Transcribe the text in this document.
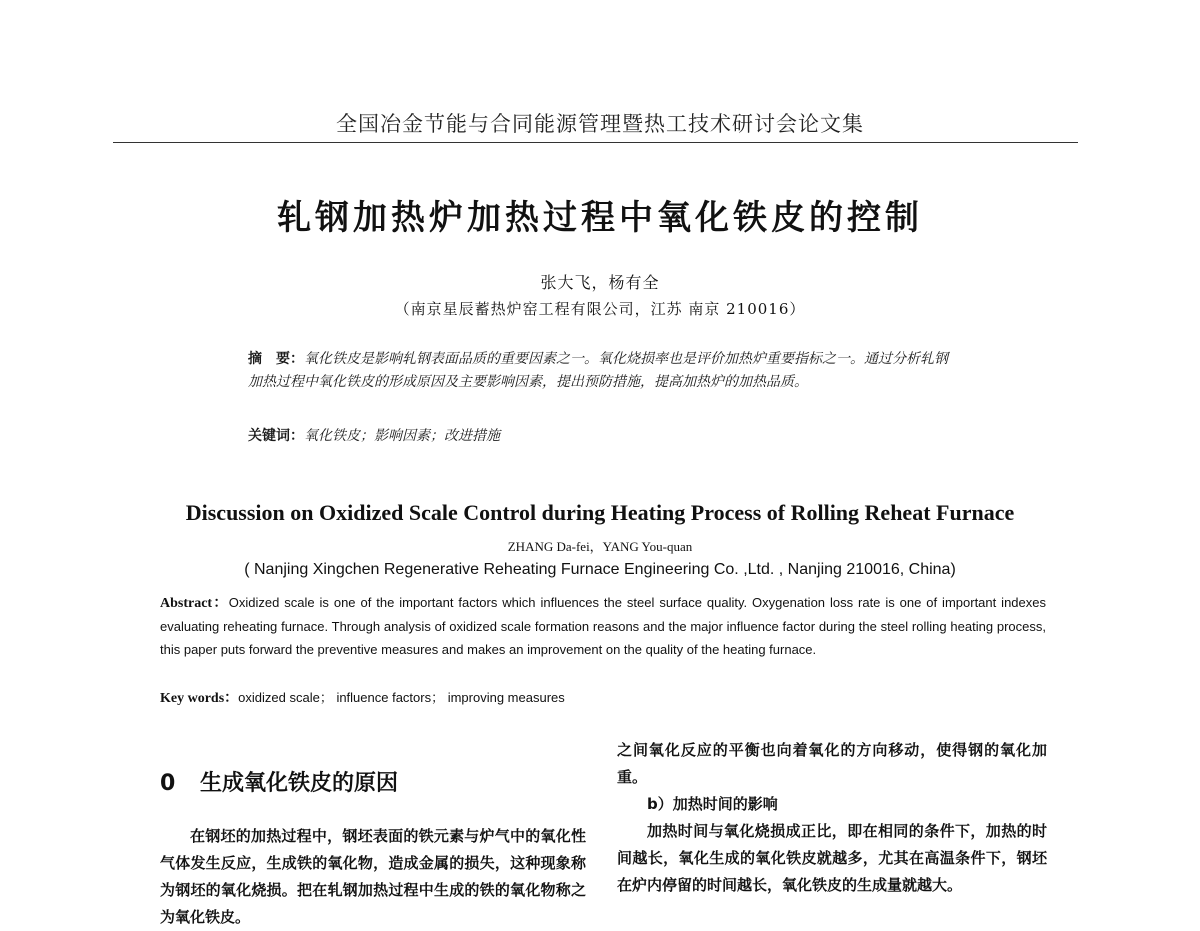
全国冶金节能与合同能源管理暨热工技术研讨会论文集
轧钢加热炉加热过程中氧化铁皮的控制
张大飞，杨有全
（南京星辰蓄热炉窑工程有限公司，江苏 南京 210016）
摘　要：氧化铁皮是影响轧钢表面品质的重要因素之一。氧化烧损率也是评价加热炉重要指标之一。通过分析轧钢加热过程中氧化铁皮的形成原因及主要影响因素，提出预防措施，提高加热炉的加热品质。
关键词：氧化铁皮；影响因素；改进措施
Discussion on Oxidized Scale Control during Heating Process of Rolling Reheat Furnace
ZHANG Da-fei，YANG You-quan
( Nanjing Xingchen Regenerative Reheating Furnace Engineering Co. ,Ltd. , Nanjing 210016, China)
Abstract：Oxidized scale is one of the important factors which influences the steel surface quality. Oxygenation loss rate is one of important indexes evaluating reheating furnace. Through analysis of oxidized scale formation reasons and the major influence factor during the steel rolling heating process, this paper puts forward the preventive measures and makes an improvement on the quality of the heating furnace.
Key words：oxidized scale； influence factors； improving measures
0 生成氧化铁皮的原因

在钢坯的加热过程中，钢坯表面的铁元素与炉气中的氧化性气体发生反应，生成铁的氧化物，造成金属的损失，这种现象称为钢坯的氧化烧损。把在轧钢加热过程中生成的铁的氧化物称之为氧化铁皮。

之间氧化反应的平衡也向着氧化的方向移动，使得钢的氧化加重。

b）加热时间的影响

加热时间与氧化烧损成正比，即在相同的条件下，加热的时间越长，氧化生成的氧化铁皮就越多，尤其在高温条件下，钢坯在炉内停留的时间越长，氧化铁皮的生成量就越大。
